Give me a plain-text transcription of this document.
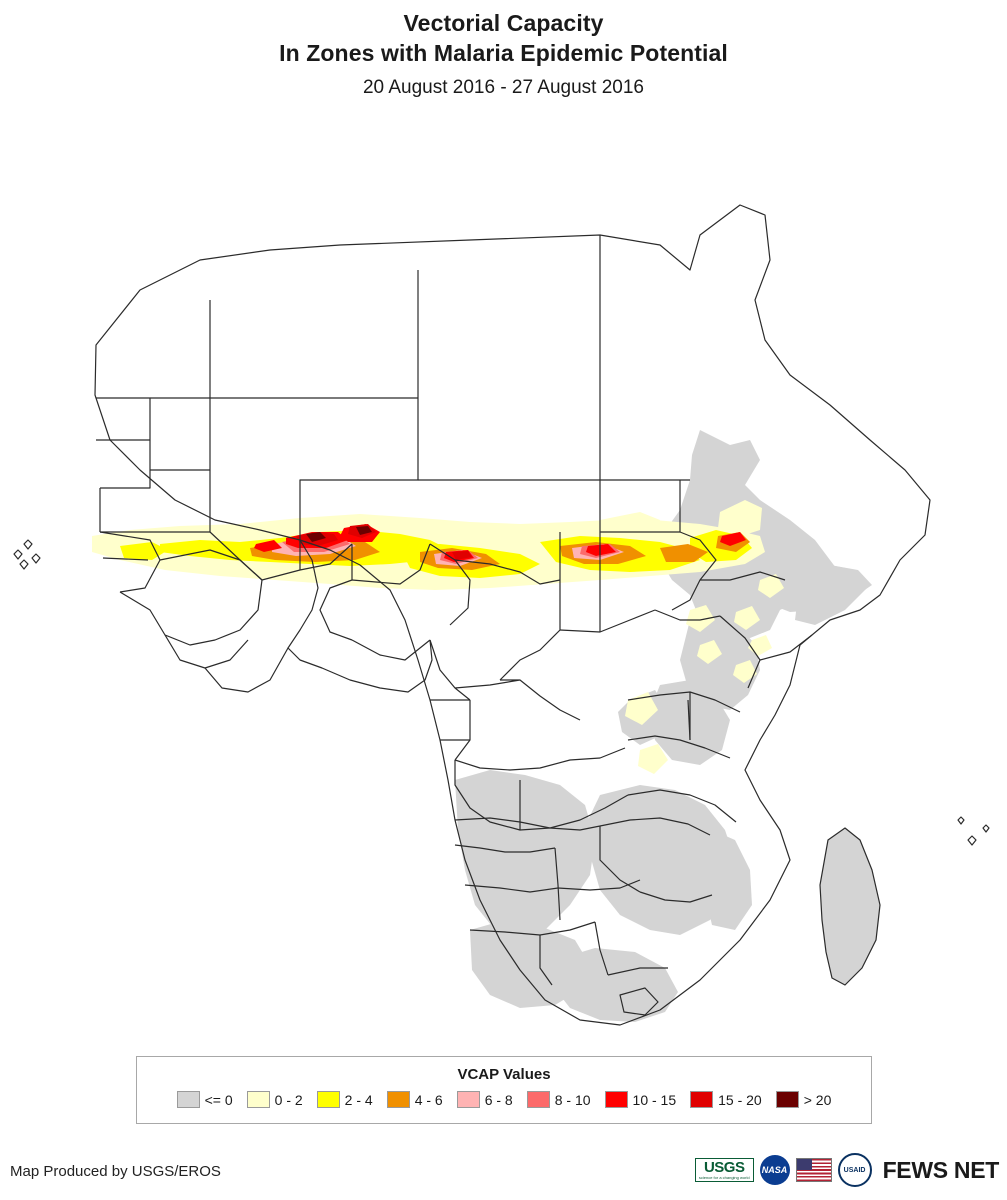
Vectorial Capacity
In Zones with Malaria Epidemic Potential
20 August 2016 - 27 August 2016
VCAP Values
<= 0	0 - 2	2 - 4	4 - 6	6 - 8	8 - 10	10 - 15	15 - 20	> 20
Map Produced by USGS/EROS	USGS
science for a changing world
NASA	USAID FEWS NET
